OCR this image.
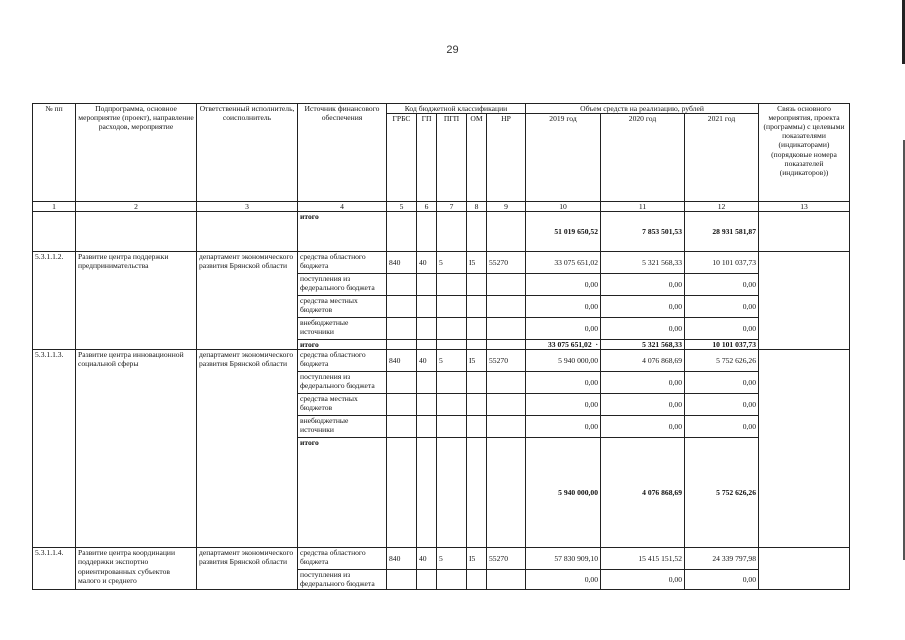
29
№ пп	Подпрограмма, основное мероприятие (проект), направление расходов, мероприятие	Ответственный исполнитель, соисполнитель	Источник финансового обеспечения	Код бюджетной классификации					Объем средств на реализацию, рублей			Связь основного мероприятия, проекта (программы) с целевыми показателями (индикаторами) (порядковые номера показателей (индикаторов))
				ГРБС	ГП	ПГП	ОМ	НР	2019 год	2020 год	2021 год	
1	2	3	4	5	6	7	8	9	10	11	12	13
			итого						51 019 650,52	7 853 501,53	28 931 581,87	
5.3.1.1.2.	Развитие центра поддержки предпринимательства	департамент экономического развития Брянской области	средства областного бюджета	840	40	5	I5	55270	33 075 651,02	5 321 568,33	10 101 037,73	
			поступления из федерального бюджета						0,00	0,00	0,00	
			средства местных бюджетов						0,00	0,00	0,00	
			внебюджетные источники						0,00	0,00	0,00	
			итого						33 075 651,02 ·	5 321 568,33	10 101 037,73	
5.3.1.1.3.	Развитие центра инновационной социальной сферы	департамент экономического развития Брянской области	средства областного бюджета	840	40	5	I5	55270	5 940 000,00	4 076 868,69	5 752 626,26	
			поступления из федерального бюджета						0,00	0,00	0,00	
			средства местных бюджетов						0,00	0,00	0,00	
			внебюджетные источники						0,00	0,00	0,00	
			итого						5 940 000,00	4 076 868,69	5 752 626,26	
5.3.1.1.4.	Развитие центра координации поддержки экспортно ориентированных субъектов малого и среднего	департамент экономического развития Брянской области	средства областного бюджета	840	40	5	I5	55270	57 830 909,10	15 415 151,52	24 339 797,98	
			поступления из федерального бюджета						0,00	0,00	0,00	
